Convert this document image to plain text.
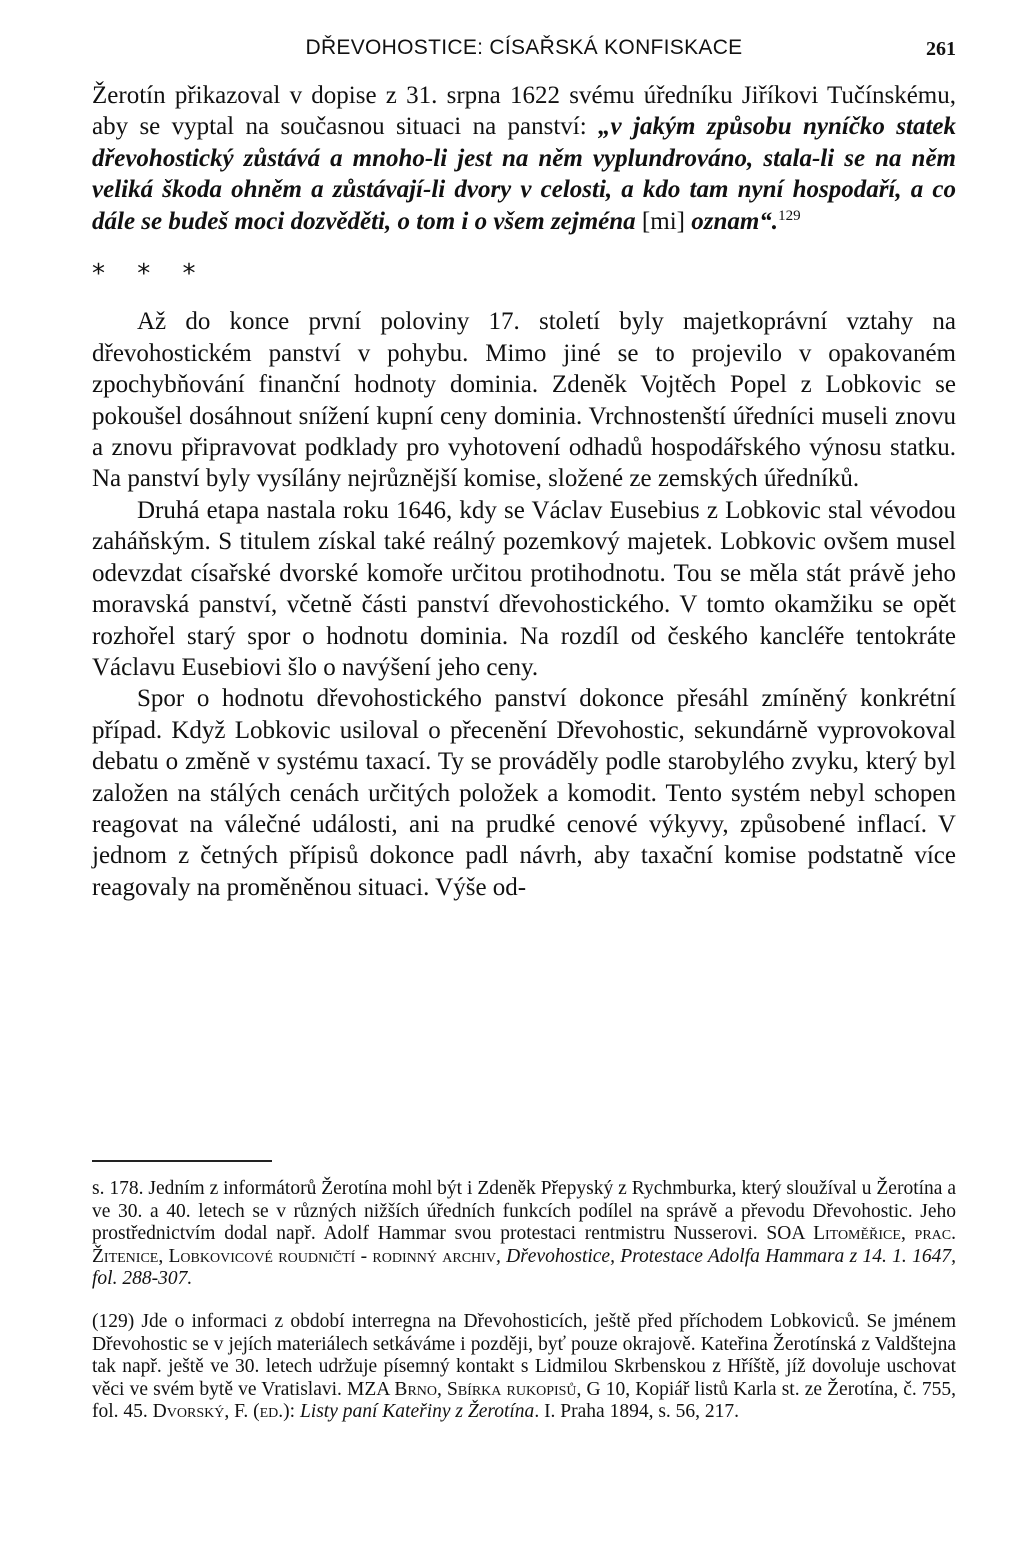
DŘEVOHOSTICE: CÍSAŘSKÁ KONFISKACE	261

Žerotín přikazoval v dopise z 31. srpna 1622 svému úředníku Jiříkovi Tučínskému, aby se vyptal na současnou situaci na panství: „v jakým způsobu nyníčko statek dřevohostický zůstává a mnoho-li jest na něm vyplundrováno, stala-li se na něm veliká škoda ohněm a zůstávají-li dvory v celosti, a kdo tam nyní hospodaří, a co dále se budeš moci dozvěděti, o tom i o všem zejména [mi] oznam“.$^{129}$

* * *

Až do konce první poloviny 17. století byly majetkoprávní vztahy na dřevohostickém panství v pohybu. Mimo jiné se to projevilo v opakovaném zpochybňování finanční hodnoty dominia. Zdeněk Vojtěch Popel z Lobkovic se pokoušel dosáhnout snížení kupní ceny dominia. Vrchnostenští úředníci museli znovu a znovu připravovat podklady pro vyhotovení odhadů hospodářského výnosu statku. Na panství byly vysílány nejrůznější komise, složené ze zemských úředníků.

Druhá etapa nastala roku 1646, kdy se Václav Eusebius z Lobkovic stal vévodou zaháňským. S titulem získal také reálný pozemkový majetek. Lobkovic ovšem musel odevzdat císařské dvorské komoře určitou protihodnotu. Tou se měla stát právě jeho moravská panství, včetně části panství dřevohostického. V tomto okamžiku se opět rozhořel starý spor o hodnotu dominia. Na rozdíl od českého kancléře tentokráte Václavu Eusebiovi šlo o navýšení jeho ceny.

Spor o hodnotu dřevohostického panství dokonce přesáhl zmíněný konkrétní případ. Když Lobkovic usiloval o přecenění Dřevohostic, sekundárně vyprovokoval debatu o změně v systému taxací. Ty se prováděly podle starobylého zvyku, který byl založen na stálých cenách určitých položek a komodit. Tento systém nebyl schopen reagovat na válečné události, ani na prudké cenové výkyvy, způsobené inflací. V jednom z četných přípisů dokonce padl návrh, aby taxační komise podstatně více reagovaly na proměněnou situaci. Výše od-

s. 178. Jedním z informátorů Žerotína mohl být i Zdeněk Přepyský z Rychmburka, který sloužíval u Žerotína a ve 30. a 40. letech se v různých nižších úředních funkcích podílel na správě a převodu Dřevohostic. Jeho prostřednictvím dodal např. Adolf Hammar svou protestaci rentmistru Nusserovi. SOA Litoměřice, prac. Žitenice, Lobkovicové roudničtí - rodinný archiv, Dřevohostice, Protestace Adolfa Hammara z 14. 1. 1647, fol. 288-307.

(129) Jde o informaci z období interregna na Dřevohosticích, ještě před příchodem Lobkoviců. Se jménem Dřevohostic se v jejích materiálech setkáváme i později, byť pouze okrajově. Kateřina Žerotínská z Valdštejna tak např. ještě ve 30. letech udržuje písemný kontakt s Lidmilou Skrbenskou z Hříště, jíž dovoluje uschovat věci ve svém bytě ve Vratislavi. MZA Brno, Sbírka rukopisů, G 10, Kopiář listů Karla st. ze Žerotína, č. 755, fol. 45. Dvorský, F. (ed.): Listy paní Kateřiny z Žerotína. I. Praha 1894, s. 56, 217.
